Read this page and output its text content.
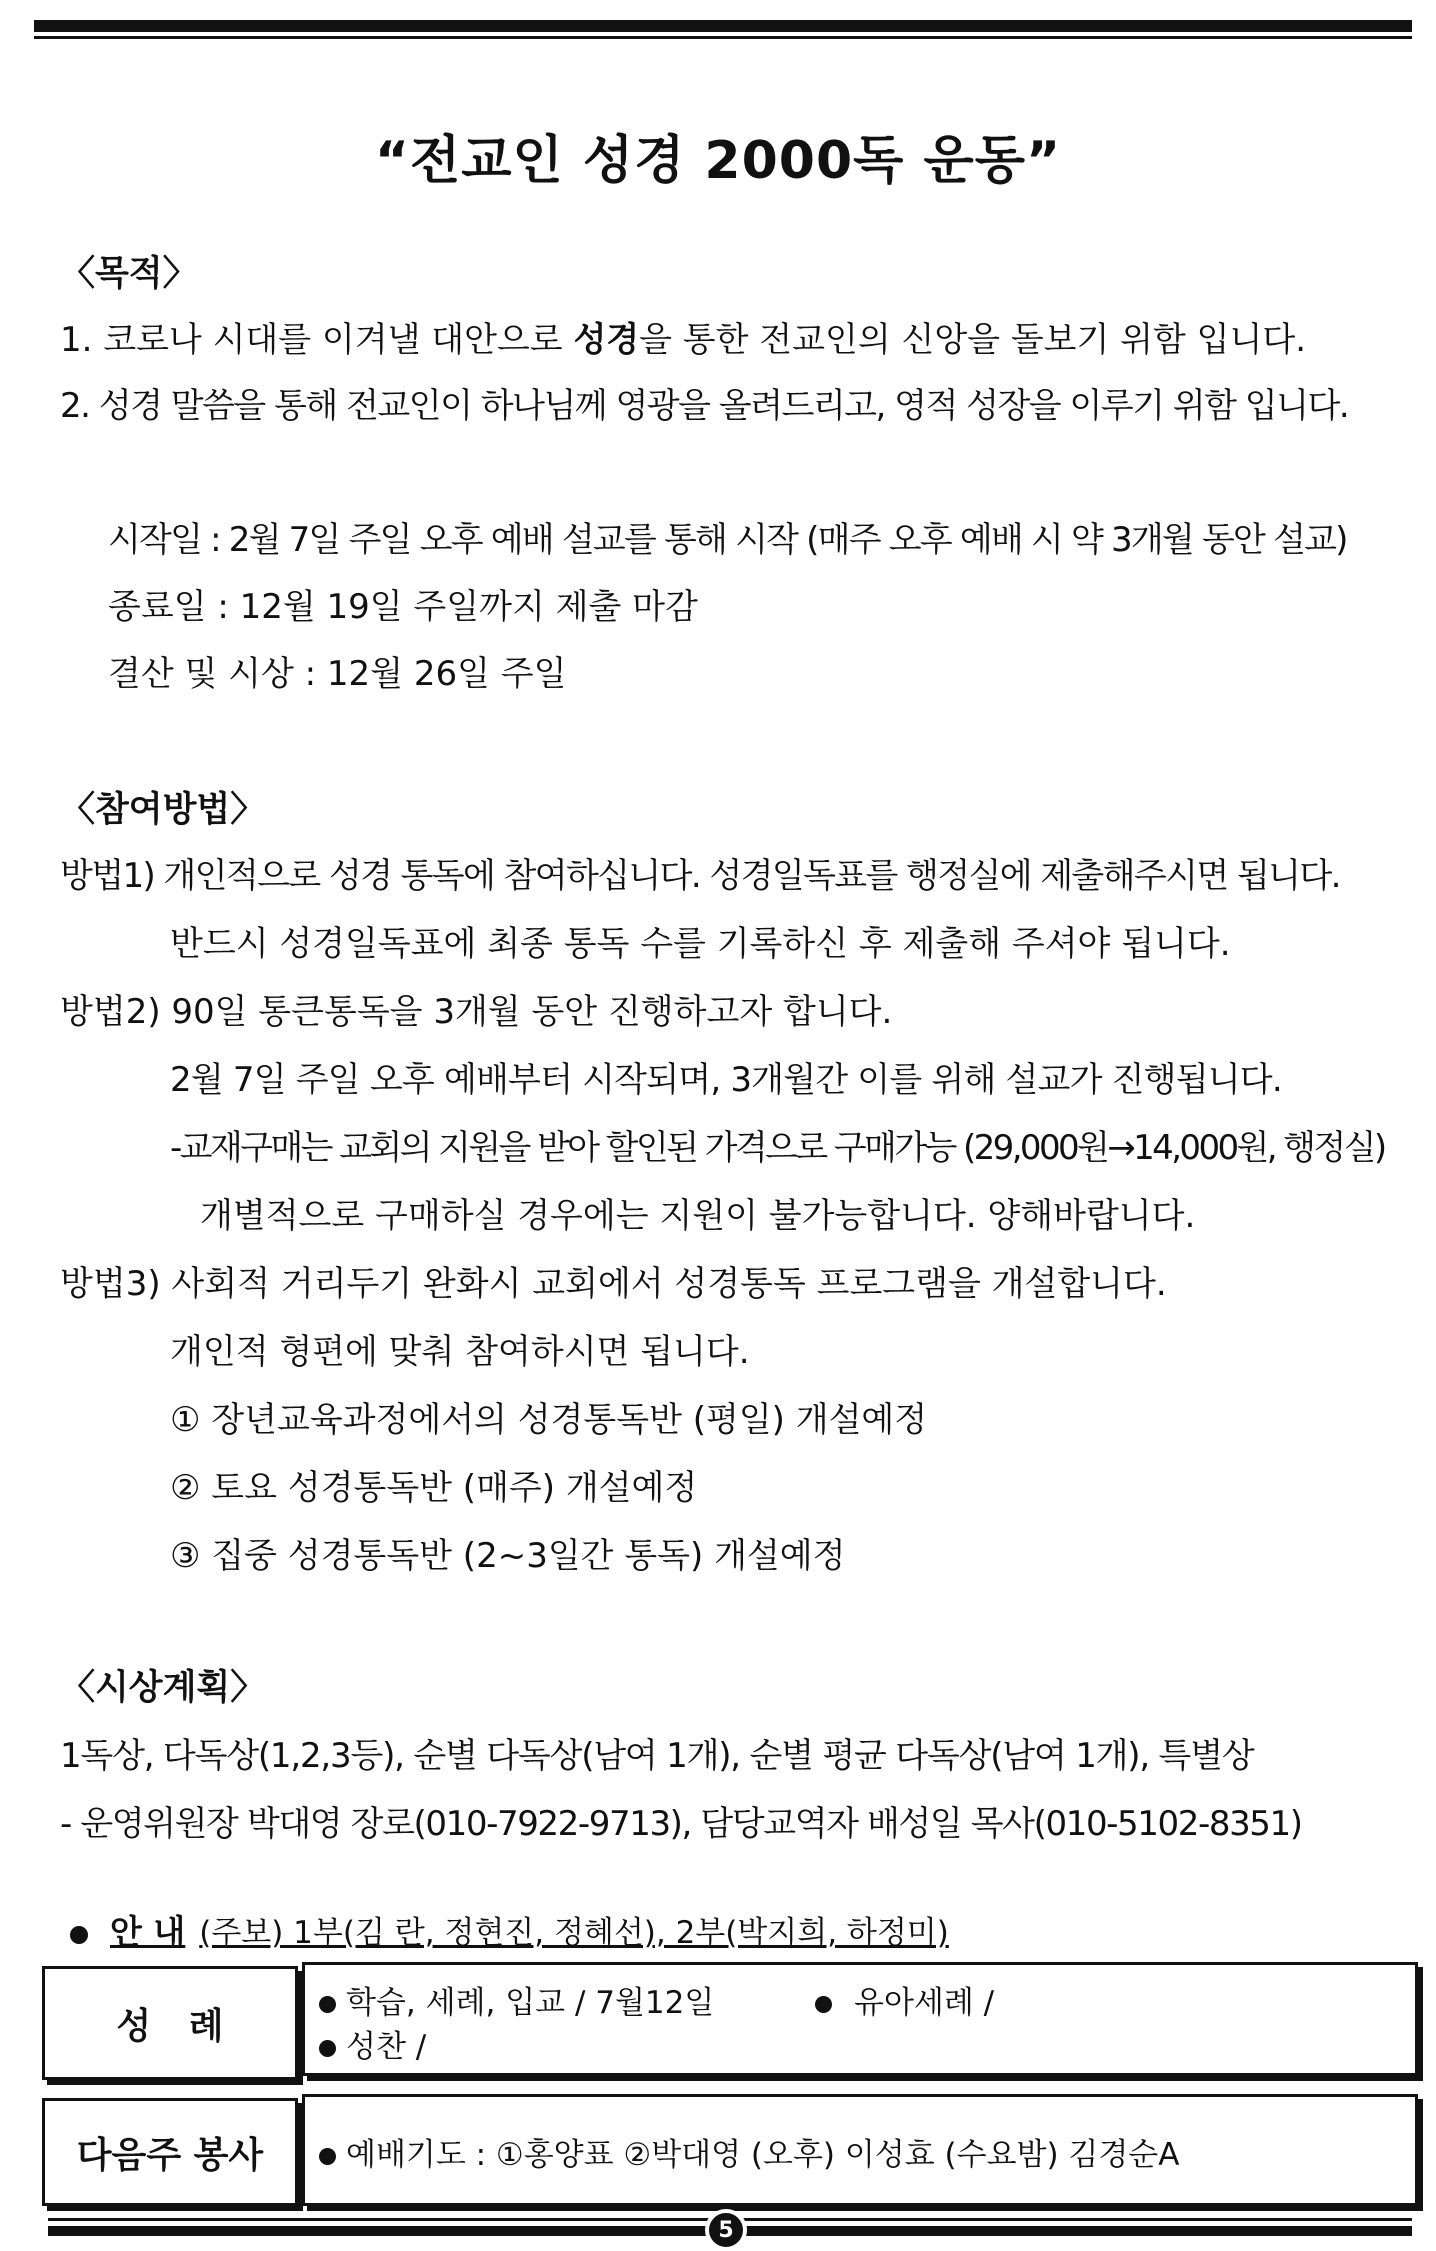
“전교인 성경 2000독 운동”
〈목적〉
1. 코로나 시대를 이겨낼 대안으로 성경을 통한 전교인의 신앙을 돌보기 위함 입니다.
2. 성경 말씀을 통해 전교인이 하나님께 영광을 올려드리고, 영적 성장을 이루기 위함 입니다.
시작일 : 2월 7일 주일 오후 예배 설교를 통해 시작 (매주 오후 예배 시 약 3개월 동안 설교)
종료일 : 12월 19일 주일까지 제출 마감
결산 및 시상 : 12월 26일 주일
〈참여방법〉
방법1) 개인적으로 성경 통독에 참여하십니다. 성경일독표를 행정실에 제출해주시면 됩니다.
반드시 성경일독표에 최종 통독 수를 기록하신 후 제출해 주셔야 됩니다.
방법2) 90일 통큰통독을 3개월 동안 진행하고자 합니다.
2월 7일 주일 오후 예배부터 시작되며, 3개월간 이를 위해 설교가 진행됩니다.
-교재구매는 교회의 지원을 받아 할인된 가격으로 구매가능 (29,000원→14,000원, 행정실)
개별적으로 구매하실 경우에는 지원이 불가능합니다. 양해바랍니다.
방법3) 사회적 거리두기 완화시 교회에서 성경통독 프로그램을 개설합니다.
개인적 형편에 맞춰 참여하시면 됩니다.
① 장년교육과정에서의 성경통독반 (평일) 개설예정
② 토요 성경통독반 (매주) 개설예정
③ 집중 성경통독반 (2~3일간 통독) 개설예정
〈시상계획〉
1독상, 다독상(1,2,3등), 순별 다독상(남여 1개), 순별 평균 다독상(남여 1개), 특별상
- 운영위원장 박대영 장로(010-7922-9713), 담당교역자 배성일 목사(010-5102-8351)
안 내 (주보) 1부(김 란, 정현진, 정혜선), 2부(박지희, 하정미)
성   례
학습, 세례, 입교 / 7월12일	유아세례 /
성찬 /
다음주 봉사	예배기도 : ①홍양표 ②박대영 (오후) 이성효 (수요밤) 김경순A
5
